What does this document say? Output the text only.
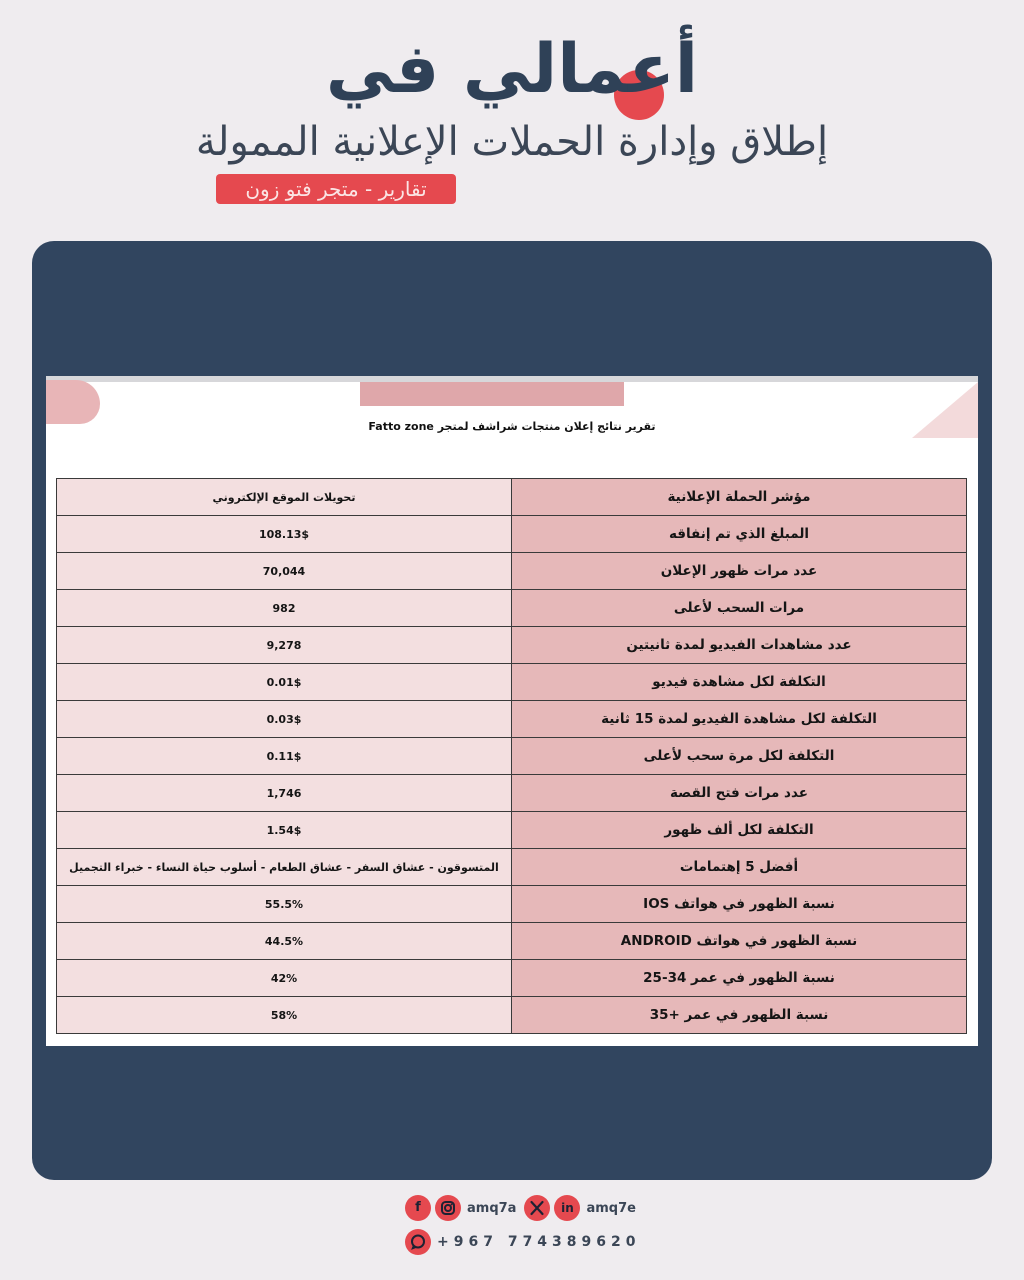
أعمالي في
إطلاق وإدارة الحملات الإعلانية الممولة
تقارير - متجر فتو زون
تقرير نتائج إعلان منتجات شراشف لمتجر Fatto zone
مؤشر الحملة الإعلانية	تحويلات الموقع الإلكتروني
المبلغ الذي تم إنفاقه	108.13$
عدد مرات ظهور الإعلان	70,044
مرات السحب لأعلى	982
عدد مشاهدات الفيديو لمدة ثانيتين	9,278
التكلفة لكل مشاهدة فيديو	0.01$
التكلفة لكل مشاهدة الفيديو لمدة 15 ثانية	0.03$
التكلفة لكل مرة سحب لأعلى	0.11$
عدد مرات فتح القصة	1,746
التكلفة لكل ألف ظهور	1.54$
أفضل 5 إهتمامات	المتسوقون - عشاق السفر - عشاق الطعام - أسلوب حياة النساء - خبراء التجميل
نسبة الظهور في هواتف IOS	55.5%
نسبة الظهور في هواتف ANDROID	44.5%
نسبة الظهور في عمر 34-25	42%
نسبة الظهور في عمر +35	58%
f	amq7a	in amq7e
+967 774389620
